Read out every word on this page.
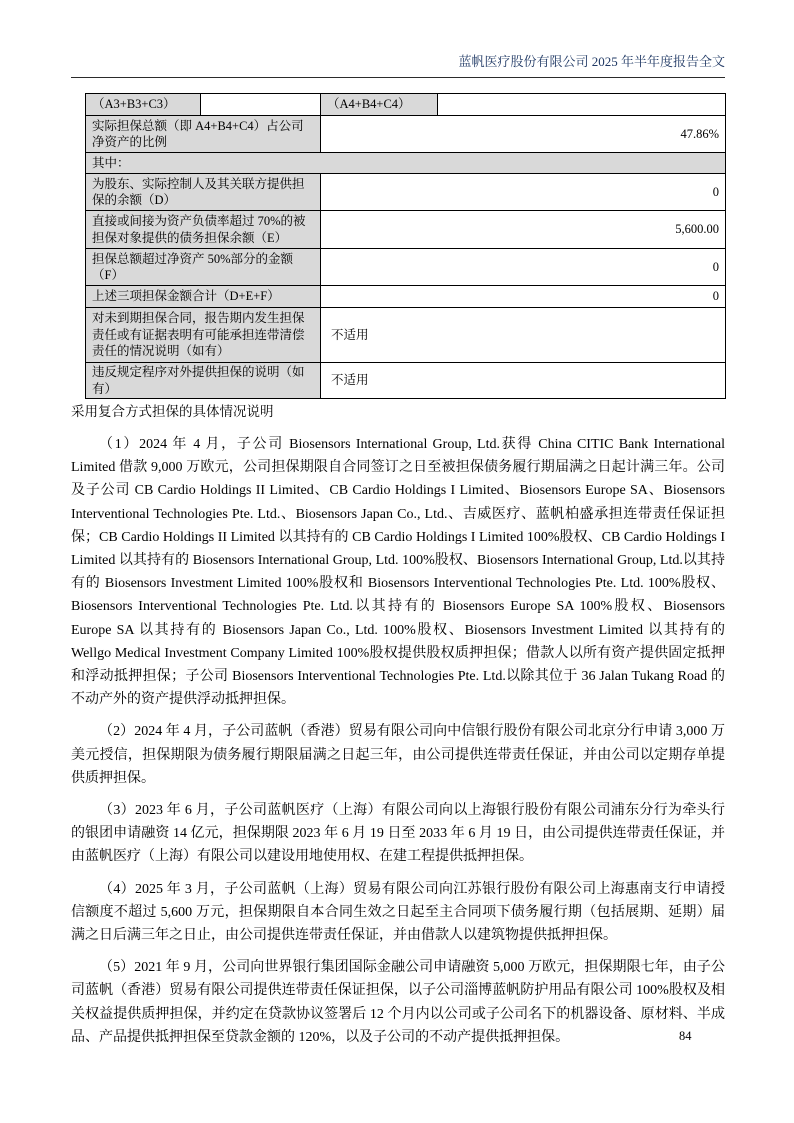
蓝帆医疗股份有限公司 2025 年半年度报告全文
（A3+B3+C3）		（A4+B4+C4）	
实际担保总额（即 A4+B4+C4）占公司净资产的比例		47.86%	
其中：			
为股东、实际控制人及其关联方提供担保的余额（D）		0	
直接或间接为资产负债率超过 70%的被担保对象提供的债务担保余额（E）		5,600.00	
担保总额超过净资产 50%部分的金额（F）		0	
上述三项担保金额合计（D+E+F）		0	
对未到期担保合同，报告期内发生担保责任或有证据表明有可能承担连带清偿责任的情况说明（如有）		不适用	
违反规定程序对外提供担保的说明（如有）		不适用	

采用复合方式担保的具体情况说明

（1）2024 年 4 月，子公司 Biosensors International Group, Ltd.获得 China CITIC Bank International Limited 借款 9,000 万欧元，公司担保期限自合同签订之日至被担保债务履行期届满之日起计满三年。公司及子公司 CB Cardio Holdings II Limited、CB Cardio Holdings I Limited、Biosensors Europe SA、Biosensors Interventional Technologies Pte. Ltd.、Biosensors Japan Co., Ltd.、吉威医疗、蓝帆柏盛承担连带责任保证担保；CB Cardio Holdings II Limited 以其持有的 CB Cardio Holdings I Limited 100%股权、CB Cardio Holdings I Limited 以其持有的 Biosensors International Group, Ltd. 100%股权、Biosensors International Group, Ltd.以其持有的 Biosensors Investment Limited 100%股权和 Biosensors Interventional Technologies Pte. Ltd. 100%股权、Biosensors Interventional Technologies Pte. Ltd.以其持有的 Biosensors Europe SA 100%股权、Biosensors Europe SA 以其持有的 Biosensors Japan Co., Ltd. 100%股权、Biosensors Investment Limited 以其持有的 Wellgo Medical Investment Company Limited 100%股权提供股权质押担保；借款人以所有资产提供固定抵押和浮动抵押担保；子公司 Biosensors Interventional Technologies Pte. Ltd.以除其位于 36 Jalan Tukang Road 的不动产外的资产提供浮动抵押担保。

（2）2024 年 4 月，子公司蓝帆（香港）贸易有限公司向中信银行股份有限公司北京分行申请 3,000 万美元授信，担保期限为债务履行期限届满之日起三年，由公司提供连带责任保证，并由公司以定期存单提供质押担保。

（3）2023 年 6 月，子公司蓝帆医疗（上海）有限公司向以上海银行股份有限公司浦东分行为牵头行的银团申请融资 14 亿元，担保期限 2023 年 6 月 19 日至 2033 年 6 月 19 日，由公司提供连带责任保证，并由蓝帆医疗（上海）有限公司以建设用地使用权、在建工程提供抵押担保。

（4）2025 年 3 月，子公司蓝帆（上海）贸易有限公司向江苏银行股份有限公司上海惠南支行申请授信额度不超过 5,600 万元，担保期限自本合同生效之日起至主合同项下债务履行期（包括展期、延期）届满之日后满三年之日止，由公司提供连带责任保证，并由借款人以建筑物提供抵押担保。

（5）2021 年 9 月，公司向世界银行集团国际金融公司申请融资 5,000 万欧元，担保期限七年，由子公司蓝帆（香港）贸易有限公司提供连带责任保证担保，以子公司淄博蓝帆防护用品有限公司 100%股权及相关权益提供质押担保，并约定在贷款协议签署后 12 个月内以公司或子公司名下的机器设备、原材料、半成品、产品提供抵押担保至贷款金额的 120%，以及子公司的不动产提供抵押担保。	84
